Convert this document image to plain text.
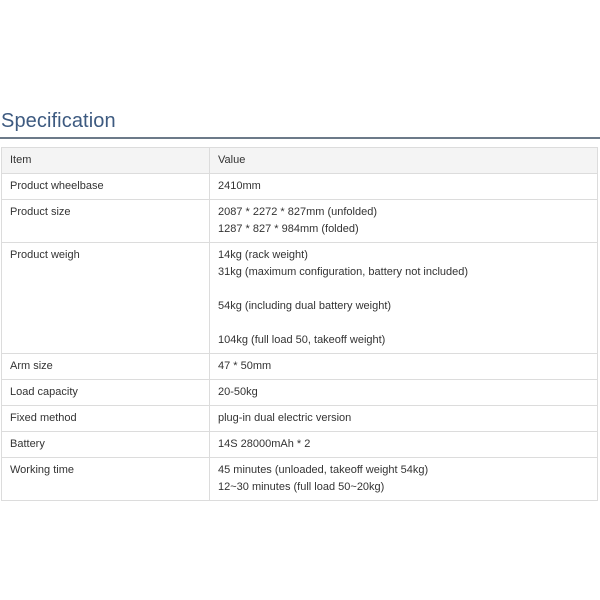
Specification
Item	Value
Product wheelbase	2410mm

Product size	2087 * 2272 * 827mm (unfolded)
1287 * 827 * 984mm (folded)

Product weigh	14kg (rack weight)
31kg (maximum configuration, battery not included)
54kg (including dual battery weight)
104kg (full load 50, takeoff weight)

Arm size	47 * 50mm

Load capacity	20-50kg

Fixed method	plug-in dual electric version

Battery	14S 28000mAh * 2

Working time	45 minutes (unloaded, takeoff weight 54kg)
12~30 minutes (full load 50~20kg)
